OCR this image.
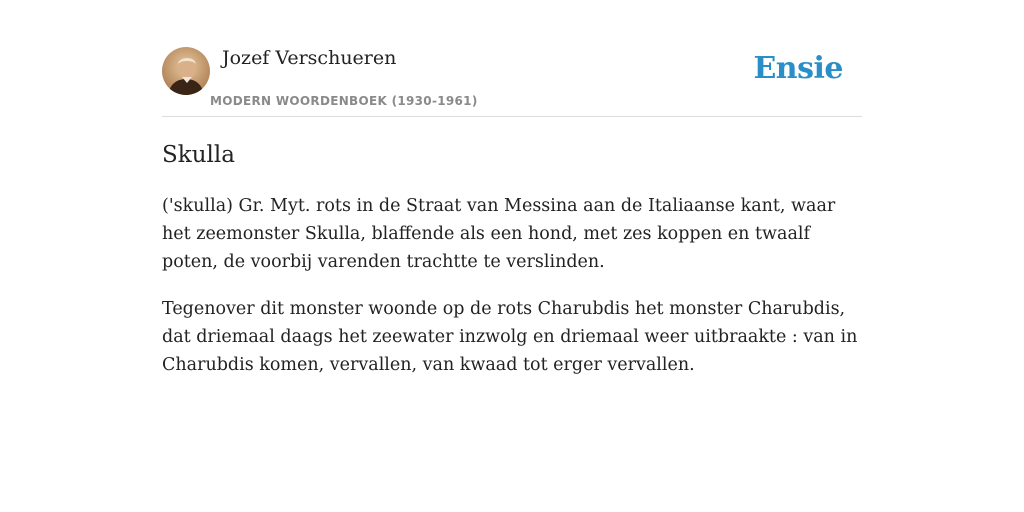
Jozef Verschueren
MODERN WOORDENBOEK (1930-1961)
Ensie
Skulla

('skulla) Gr. Myt. rots in de Straat van Messina aan de Italiaanse kant, waar het zeemonster Skulla, blaffende als een hond, met zes koppen en twaalf poten, de voorbij varenden trachtte te verslinden.

Tegenover dit monster woonde op de rots Charubdis het monster Charubdis, dat driemaal daags het zeewater inzwolg en driemaal weer uitbraakte : van in Charubdis komen, vervallen, van kwaad tot erger vervallen.
